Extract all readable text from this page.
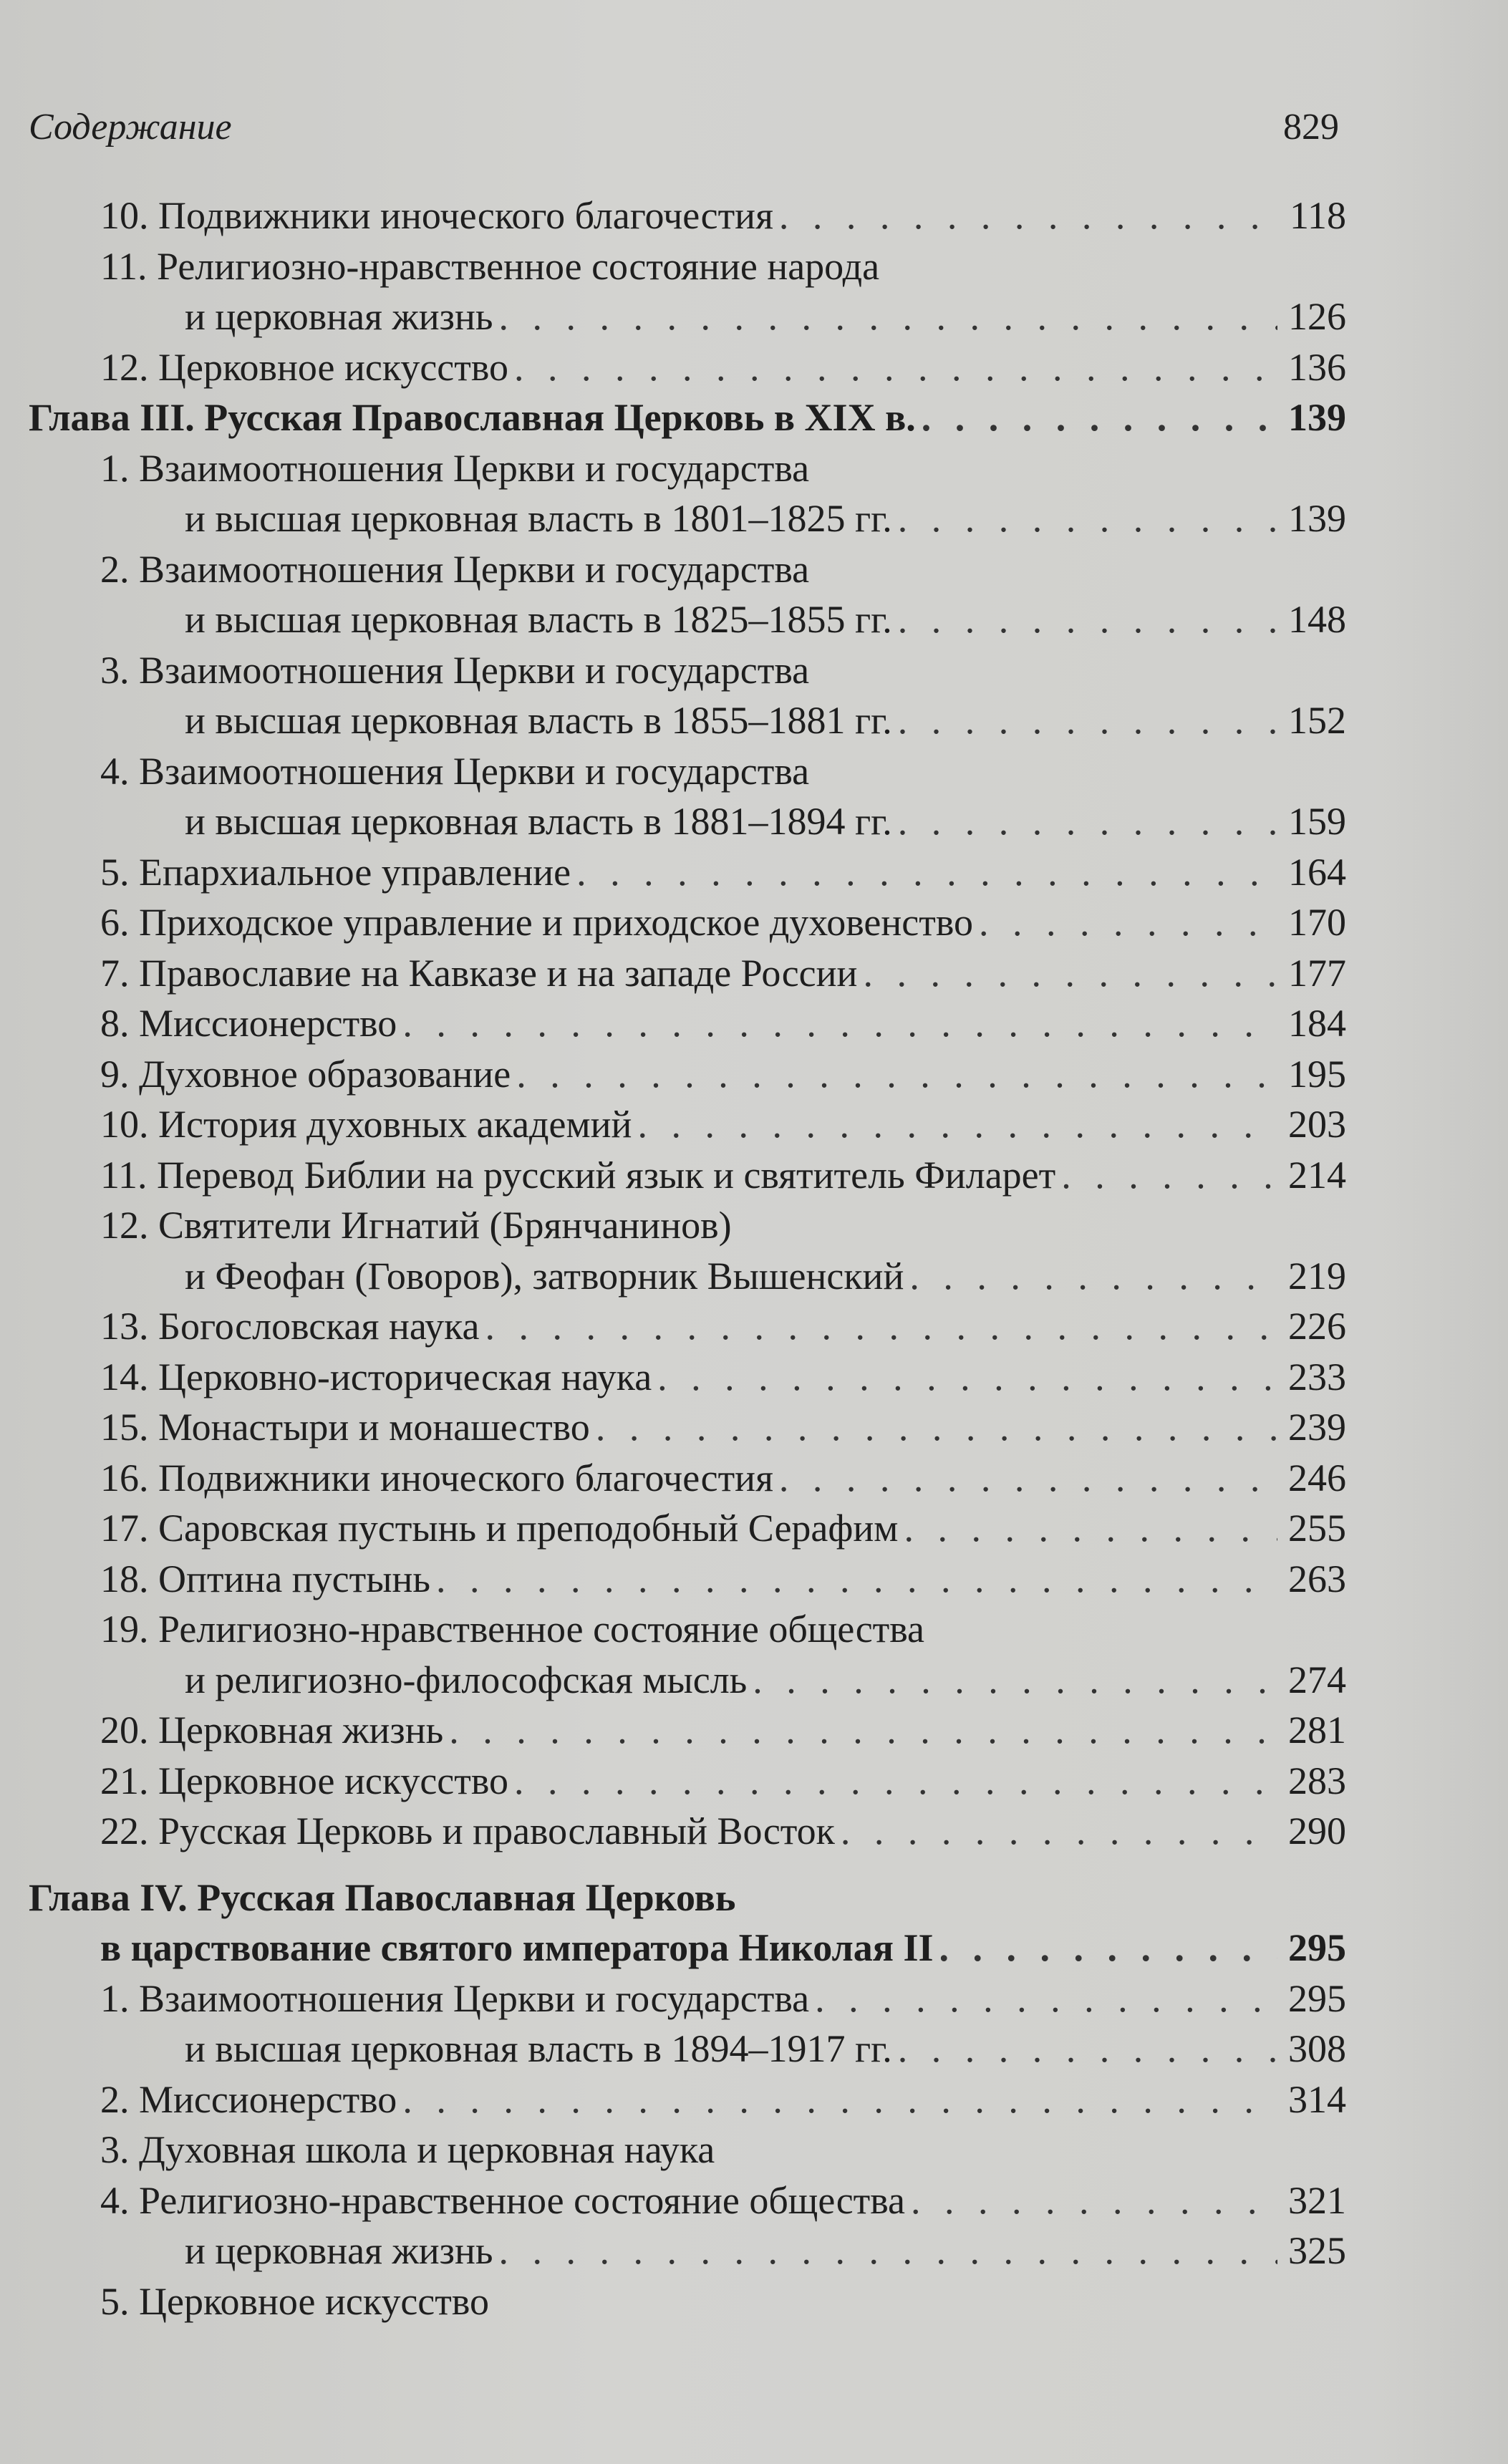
Содержание	829
10. Подвижники иноческого благочестия . . .	118
11. Религиозно-нравственное состояние народа
и церковная жизнь . . .	126
12. Церковное искусство . . .	136
Глава III. Русская Православная Церковь в XIX в. . . .	139
1. Взаимоотношения Церкви и государства
и высшая церковная власть в 1801–1825 гг. . . .	139
2. Взаимоотношения Церкви и государства
и высшая церковная власть в 1825–1855 гг. . . .	148
3. Взаимоотношения Церкви и государства
и высшая церковная власть в 1855–1881 гг. . . .	152
4. Взаимоотношения Церкви и государства
и высшая церковная власть в 1881–1894 гг. . . .	159
5. Епархиальное управление . . .	164
6. Приходское управление и приходское духовенство . . .	170
7. Православие на Кавказе и на западе России . . .	177
8. Миссионерство . . .	184
9. Духовное образование . . .	195
10. История духовных академий . . .	203
11. Перевод Библии на русский язык и святитель Филарет . . .	214
12. Святители Игнатий (Брянчанинов)
и Феофан (Говоров), затворник Вышенский . . .	219
13. Богословская наука . . .	226
14. Церковно-историческая наука . . .	233
15. Монастыри и монашество . . .	239
16. Подвижники иноческого благочестия . . .	246
17. Саровская пустынь и преподобный Серафим . . .	255
18. Оптина пустынь . . .	263
19. Религиозно-нравственное состояние общества
и религиозно-философская мысль . . .	274
20. Церковная жизнь . . .	281
21. Церковное искусство . . .	283
22. Русская Церковь и православный Восток . . .	290
Глава IV. Русская Павославная Церковь
в царствование святого императора Николая II . . .	295
1. Взаимоотношения Церкви и государства . . .	295
и высшая церковная власть в 1894–1917 гг. . . .	308
2. Миссионерство . . .	314
3. Духовная школа и церковная наука
4. Религиозно-нравственное состояние общества . . .	321
и церковная жизнь . . .	325
5. Церковное искусство
